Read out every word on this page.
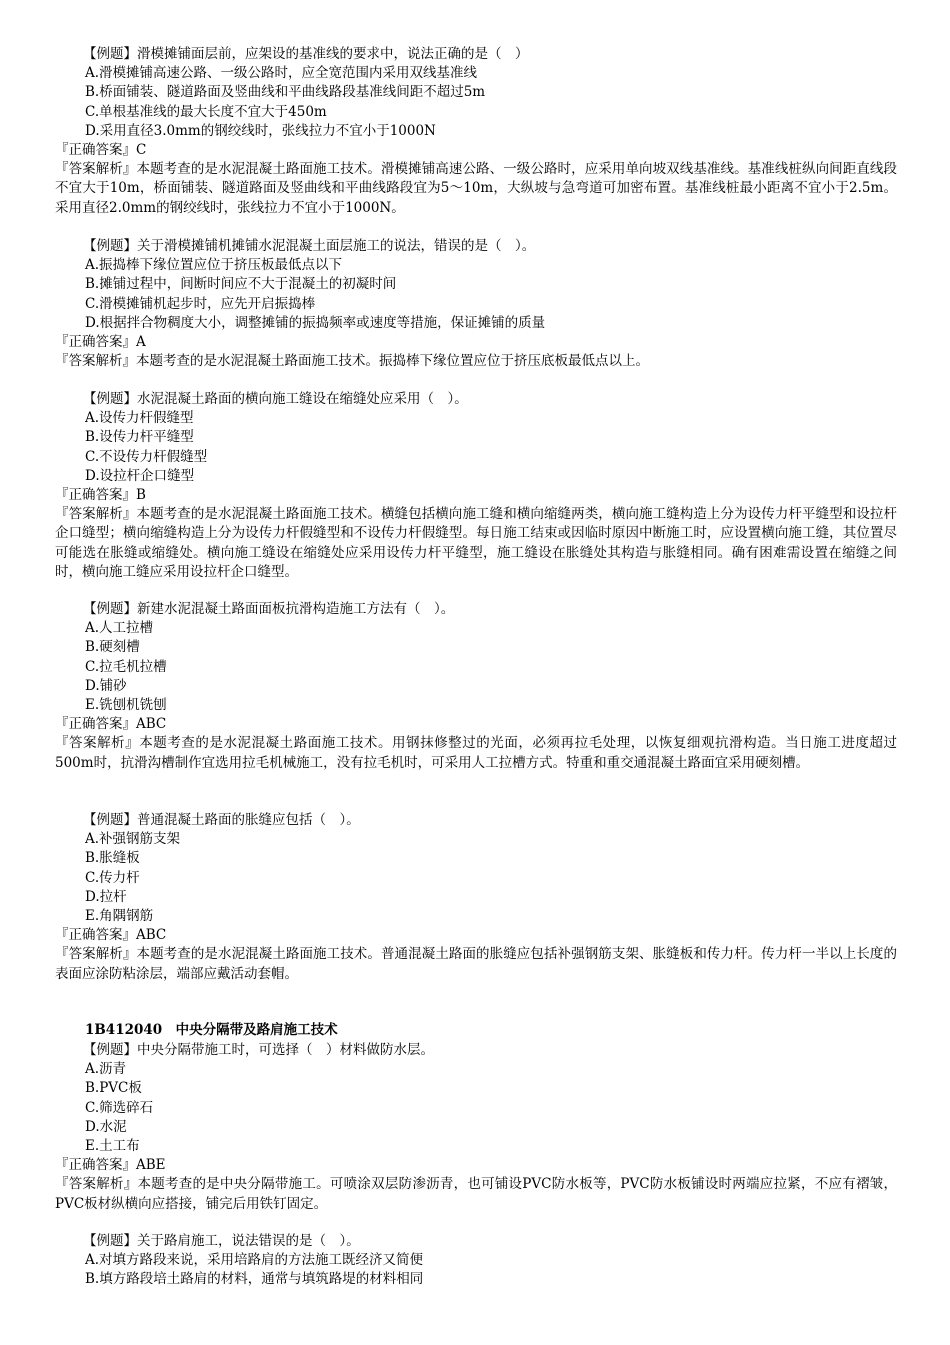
【例题】滑模摊铺面层前，应架设的基准线的要求中，说法正确的是（　）
A.滑模摊铺高速公路、一级公路时，应全宽范围内采用双线基准线
B.桥面铺装、隧道路面及竖曲线和平曲线路段基准线间距不超过5m
C.单根基准线的最大长度不宜大于450m
D.采用直径3.0mm的钢绞线时，张线拉力不宜小于1000N
『正确答案』C
『答案解析』本题考查的是水泥混凝土路面施工技术。滑模摊铺高速公路、一级公路时，应采用单向坡双线基准线。基准线桩纵向间距直线段不宜大于10m，桥面铺装、隧道路面及竖曲线和平曲线路段宜为5～10m，大纵坡与急弯道可加密布置。基准线桩最小距离不宜小于2.5m。采用直径2.0mm的钢绞线时，张线拉力不宜小于1000N。
【例题】关于滑模摊铺机摊铺水泥混凝土面层施工的说法，错误的是（　）。
A.振捣棒下缘位置应位于挤压板最低点以下
B.摊铺过程中，间断时间应不大于混凝土的初凝时间
C.滑模摊铺机起步时，应先开启振捣棒
D.根据拌合物稠度大小，调整摊铺的振捣频率或速度等措施，保证摊铺的质量
『正确答案』A
『答案解析』本题考查的是水泥混凝土路面施工技术。振捣棒下缘位置应位于挤压底板最低点以上。
【例题】水泥混凝土路面的横向施工缝设在缩缝处应采用（　）。
A.设传力杆假缝型
B.设传力杆平缝型
C.不设传力杆假缝型
D.设拉杆企口缝型
『正确答案』B
『答案解析』本题考查的是水泥混凝土路面施工技术。横缝包括横向施工缝和横向缩缝两类，横向施工缝构造上分为设传力杆平缝型和设拉杆企口缝型；横向缩缝构造上分为设传力杆假缝型和不设传力杆假缝型。每日施工结束或因临时原因中断施工时，应设置横向施工缝，其位置尽可能选在胀缝或缩缝处。横向施工缝设在缩缝处应采用设传力杆平缝型，施工缝设在胀缝处其构造与胀缝相同。确有困难需设置在缩缝之间时，横向施工缝应采用设拉杆企口缝型。
【例题】新建水泥混凝土路面面板抗滑构造施工方法有（　）。
A.人工拉槽
B.硬刻槽
C.拉毛机拉槽
D.铺砂
E.铣刨机铣刨
『正确答案』ABC
『答案解析』本题考查的是水泥混凝土路面施工技术。用钢抹修整过的光面，必须再拉毛处理，以恢复细观抗滑构造。当日施工进度超过500m时，抗滑沟槽制作宜选用拉毛机械施工，没有拉毛机时，可采用人工拉槽方式。特重和重交通混凝土路面宜采用硬刻槽。
【例题】普通混凝土路面的胀缝应包括（　）。
A.补强钢筋支架
B.胀缝板
C.传力杆
D.拉杆
E.角隅钢筋
『正确答案』ABC
『答案解析』本题考查的是水泥混凝土路面施工技术。普通混凝土路面的胀缝应包括补强钢筋支架、胀缝板和传力杆。传力杆一半以上长度的表面应涂防粘涂层，端部应戴活动套帽。
1B412040　中央分隔带及路肩施工技术
【例题】中央分隔带施工时，可选择（　）材料做防水层。
A.沥青
B.PVC板
C.筛选碎石
D.水泥
E.土工布
『正确答案』ABE
『答案解析』本题考查的是中央分隔带施工。可喷涂双层防渗沥青，也可铺设PVC防水板等，PVC防水板铺设时两端应拉紧，不应有褶皱，PVC板材纵横向应搭接，铺完后用铁钉固定。
【例题】关于路肩施工，说法错误的是（　）。
A.对填方路段来说，采用培路肩的方法施工既经济又简便
B.填方路段培土路肩的材料，通常与填筑路堤的材料相同
